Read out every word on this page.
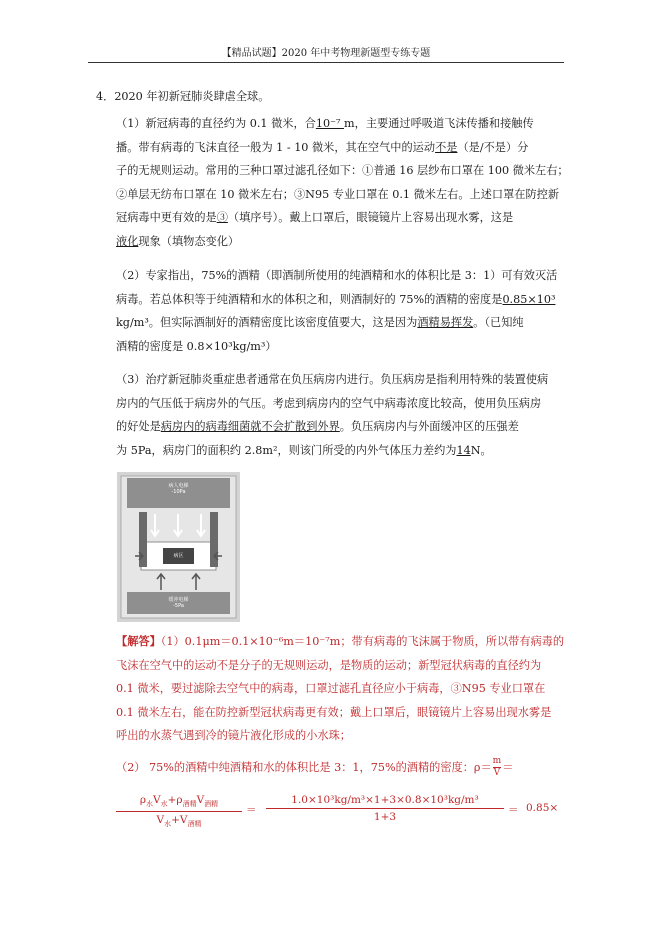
【精品试题】2020 年中考物理新题型专练专题
4．2020 年初新冠肺炎肆虐全球。
（1）新冠病毒的直径约为 0.1 微米，合10⁻⁷ m，主要通过呼吸道飞沫传播和接触传
播。带有病毒的飞沫直径一般为 1 - 10 微米，其在空气中的运动不是（是/不是）分
子的无规则运动。常用的三种口罩过滤孔径如下：①普通 16 层纱布口罩在 100 微米左右；
②单层无纺布口罩在 10 微米左右；③N95 专业口罩在 0.1 微米左右。上述口罩在防控新
冠病毒中更有效的是③（填序号）。戴上口罩后，眼镜镜片上容易出现水雾，这是
液化现象（填物态变化）
（2）专家指出，75%的酒精（即酒制所使用的纯酒精和水的体积比是 3：1）可有效灭活
病毒。若总体积等于纯酒精和水的体积之和，则酒制好的 75%的酒精的密度是0.85×10³
kg/m³。但实际酒制好的酒精密度比该密度值要大，这是因为酒精易挥发。（已知纯
酒精的密度是 0.8×10³kg/m³）
（3）治疗新冠肺炎重症患者通常在负压病房内进行。负压病房是指利用特殊的装置使病
房内的气压低于病房外的气压。考虑到病房内的空气中病毒浓度比较高，使用负压病房
的好处是病房内的病毒细菌就不会扩散到外界。负压病房内与外面缓冲区的压强差
为 5Pa，病房门的面积约 2.8m²，则该门所受的内外气体压力差约为14N。
病人电梯
-10Pa
病区
缓冲电梯
-5Pa
【解答】（1）0.1μm＝0.1×10⁻⁶m＝10⁻⁷m；带有病毒的飞沫属于物质，所以带有病毒的
飞沫在空气中的运动不是分子的无规则运动，是物质的运动；新型冠状病毒的直径约为
0.1 微米，要过滤除去空气中的病毒，口罩过滤孔直径应小于病毒，③N95 专业口罩在
0.1 微米左右，能在防控新型冠状病毒更有效；戴上口罩后，眼镜镜片上容易出现水雾是
呼出的水蒸气遇到冷的镜片液化形成的小水珠；
（2） 75%的酒精中纯酒精和水的体积比是 3：1，75%的酒精的密度：$\rho= \frac{m}{V}$ ＝
$\rho_水V_水+\rho_{酒精}V_{酒精}$
$V_水+V_{酒精}$
＝ $\frac{\text{1.0×10³kg/m³×1+3×0.8×10³kg/m³}}{1+3} = 0.85\times$
